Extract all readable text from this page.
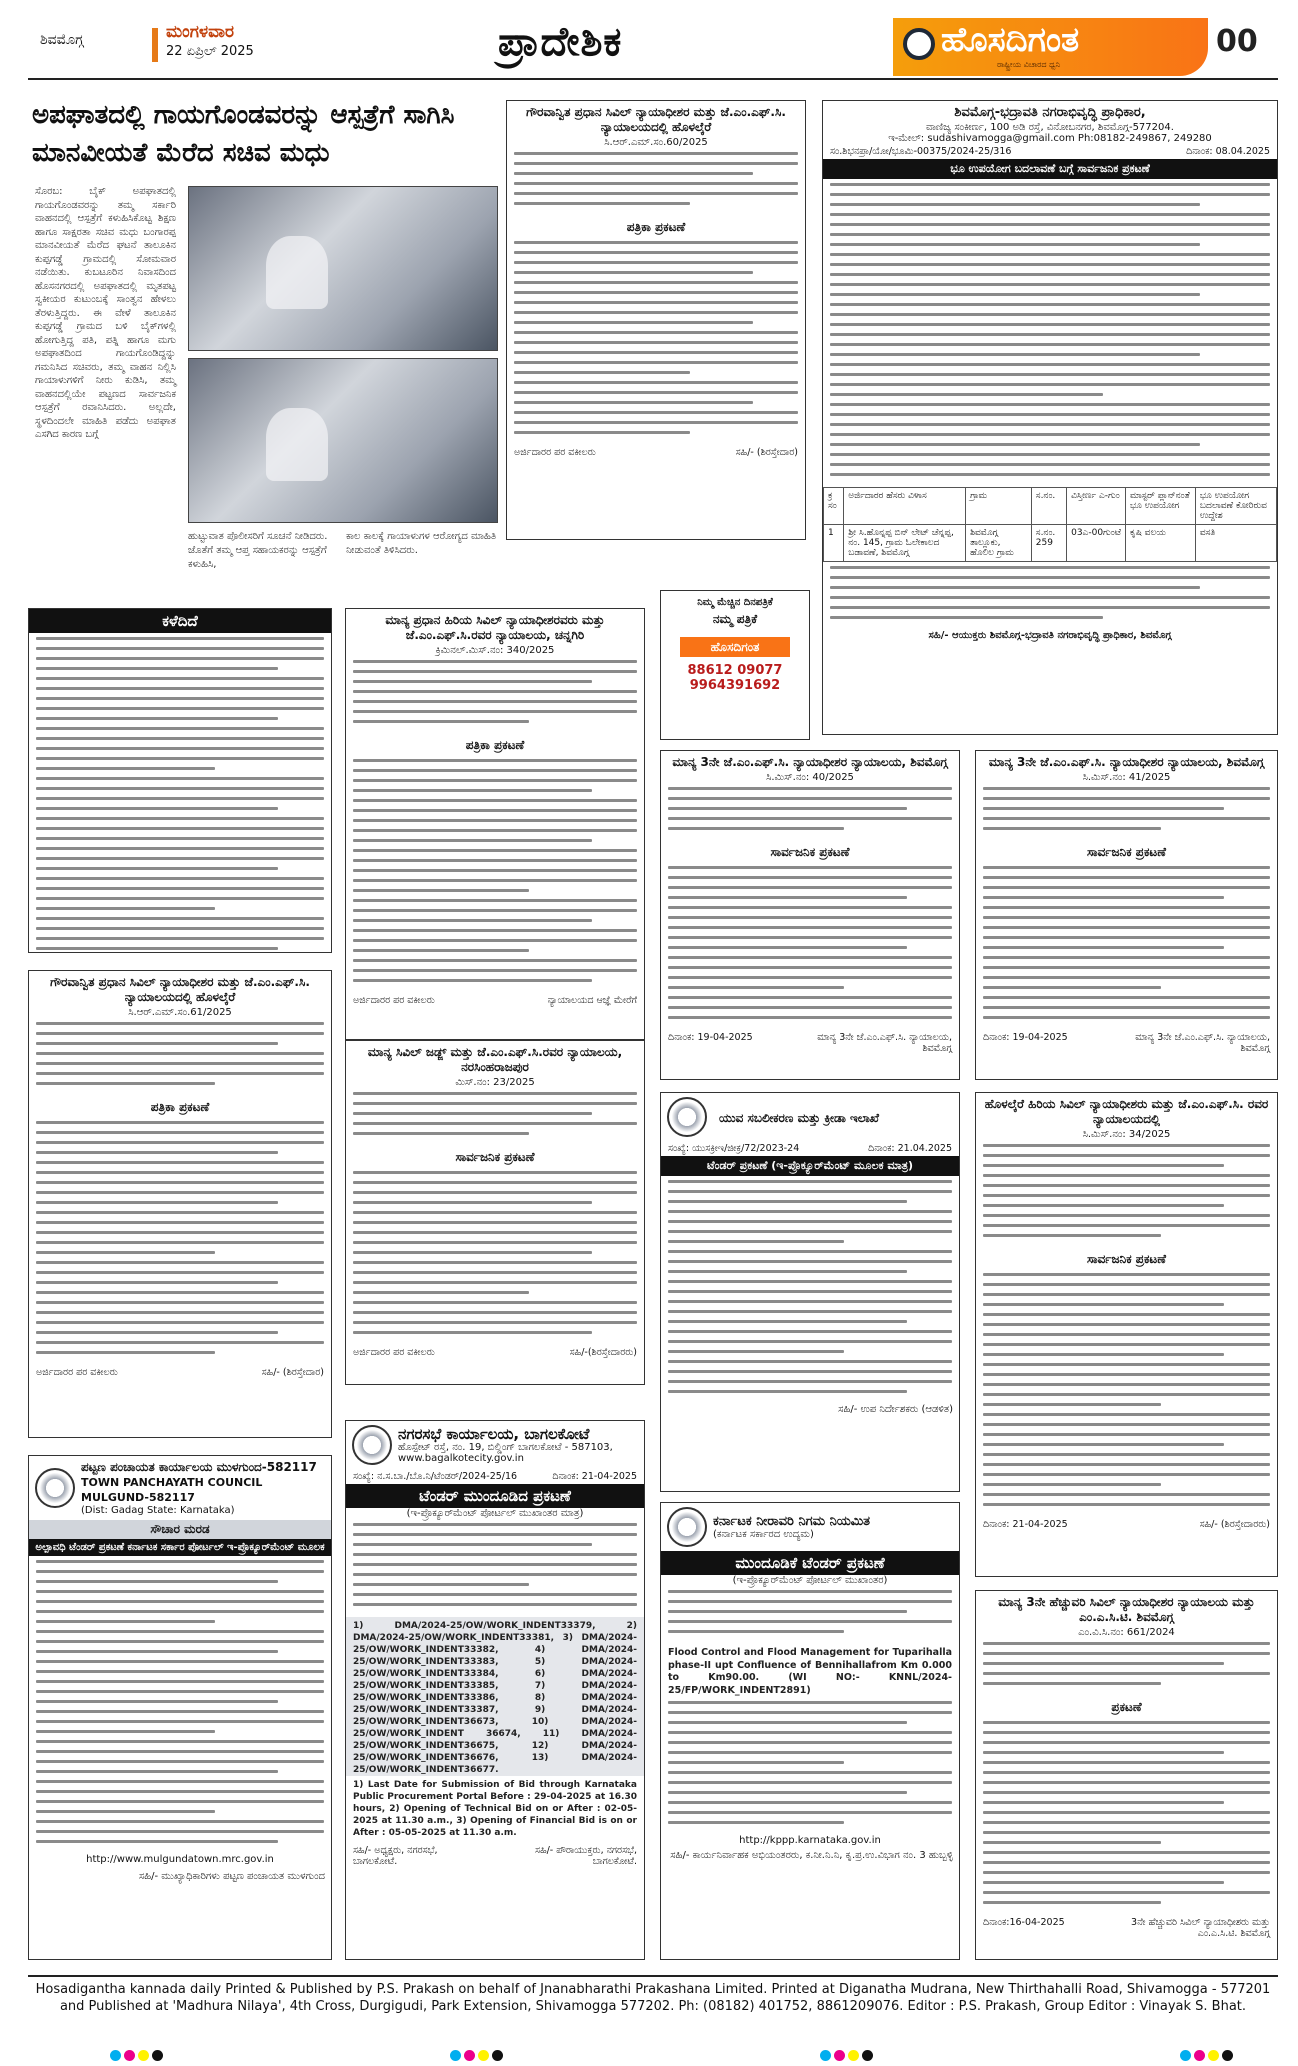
ಶಿವಮೊಗ್ಗ	ಮಂಗಳವಾರ
22 ಏಪ್ರಿಲ್ 2025	ಪ್ರಾದೇಶಿಕ	ಹೊಸದಿಗಂತ
ರಾಷ್ಟ್ರೀಯ ವಿಚಾರದ ಧ್ವನಿ
00
ಅಪಘಾತದಲ್ಲಿ ಗಾಯಗೊಂಡವರನ್ನು ಆಸ್ಪತ್ರೆಗೆ ಸಾಗಿಸಿ ಮಾನವೀಯತೆ ಮೆರೆದ ಸಚಿವ ಮಧು
ಸೊರಬ: ಬೈಕ್ ಅಪಘಾತದಲ್ಲಿ ಗಾಯಗೊಂಡವರನ್ನು ತಮ್ಮ ಸರ್ಕಾರಿ ವಾಹನದಲ್ಲಿ ಆಸ್ಪತ್ರೆಗೆ ಕಳುಹಿಸಿಕೊಟ್ಟ ಶಿಕ್ಷಣ ಹಾಗೂ ಸಾಕ್ಷರತಾ ಸಚಿವ ಮಧು ಬಂಗಾರಪ್ಪ ಮಾನವೀಯತೆ ಮೆರೆದ ಘಟನೆ ತಾಲೂಕಿನ ಕುಪ್ಪಗಡ್ಡೆ ಗ್ರಾಮದಲ್ಲಿ ಸೋಮವಾರ ನಡೆಯಿತು. ಕುಬಟೂರಿನ ನಿವಾಸದಿಂದ ಹೊಸನಗರದಲ್ಲಿ ಅಪಘಾತದಲ್ಲಿ ಮೃತಪಟ್ಟ ಸ್ವಕೀಯರ ಕುಟುಂಬಕ್ಕೆ ಸಾಂತ್ವನ ಹೇಳಲು ತೆರಳುತ್ತಿದ್ದರು. ಈ ವೇಳೆ ತಾಲೂಕಿನ ಕುಪ್ಪಗಡ್ಡೆ ಗ್ರಾಮದ ಬಳಿ ಬೈಕ್‌ಗಳಲ್ಲಿ ಹೋಗುತ್ತಿದ್ದ ಪತಿ, ಪತ್ನಿ ಹಾಗೂ ಮಗು ಅಪಘಾತದಿಂದ ಗಾಯಗೊಂಡಿದ್ದನ್ನು ಗಮನಿಸಿದ ಸಚಿವರು, ತಮ್ಮ ವಾಹನ ನಿಲ್ಲಿಸಿ ಗಾಯಾಳುಗಳಿಗೆ ನೀರು ಕುಡಿಸಿ, ತಮ್ಮ ವಾಹನದಲ್ಲಿಯೇ ಪಟ್ಟಣದ ಸಾರ್ವಜನಿಕ ಆಸ್ಪತ್ರೆಗೆ ರವಾನಿಸಿದರು. ಅಲ್ಲದೇ, ಸ್ಥಳದಿಂದಲೇ ಮಾಹಿತಿ ಪಡೆದು ಅಪಘಾತ ಎಸಗಿದ ಕಾರಣ ಬಗ್ಗೆ
ಹುಟ್ಟುವಾತ ಪೊಲೀಸರಿಗೆ ಸೂಚನೆ ನೀಡಿದರು. ಜೊತೆಗೆ ತಮ್ಮ ಆಪ್ತ ಸಹಾಯಕರನ್ನು ಆಸ್ಪತ್ರೆಗೆ ಕಳುಹಿಸಿ,
ಕಾಲ ಕಾಲಕ್ಕೆ ಗಾಯಾಳುಗಳ ಆರೋಗ್ಯದ ಮಾಹಿತಿ ನೀಡುವಂತೆ ತಿಳಿಸಿದರು.
ಗೌರವಾನ್ವಿತ ಪ್ರಧಾನ ಸಿವಿಲ್ ನ್ಯಾಯಾಧೀಶರ ಮತ್ತು ಜೆ.ಎಂ.ಎಫ್.ಸಿ. ನ್ಯಾಯಾಲಯದಲ್ಲಿ ಹೊಳಲ್ಕೆರೆ
ಸಿ.ಆರ್.ಎಮ್.ಸಂ.60/2025
ಪತ್ರಿಕಾ ಪ್ರಕಟಣೆ
ಅರ್ಜಿದಾರರ ಪರ ವಕೀಲರು	ಸಹಿ/- (ಶಿರಸ್ತೇದಾರ)
ಶಿವಮೊಗ್ಗ-ಭದ್ರಾವತಿ ನಗರಾಭಿವೃದ್ಧಿ ಪ್ರಾಧಿಕಾರ,
ವಾಣಿಜ್ಯ ಸಂಕೀರ್ಣ, 100 ಅಡಿ ರಸ್ತೆ, ವಿನೋಬನಗರ, ಶಿವಮೊಗ್ಗ-577204.
ಇ-ಮೇಲ್: sudashivamogga@gmail.com Ph:08182-249867, 249280
ಸಂ.ಶಿಭನಪ್ರಾ/ಯೋ/ಭೂಮಿ-00375/2024-25/316	ದಿನಾಂಕ: 08.04.2025
ಭೂ ಉಪಯೋಗ ಬದಲಾವಣೆ ಬಗ್ಗೆ ಸಾರ್ವಜನಿಕ ಪ್ರಕಟಣೆ
ಕ್ರ ಸಂ	ಅರ್ಜಿದಾರರ ಹೆಸರು ವಿಳಾಸ	ಗ್ರಾಮ	ಸ.ನಂ.	ವಿಸ್ತೀರ್ಣ ಎ-ಗುಂ	ಮಾಸ್ಟರ್ ಪ್ಲಾನ್‌ನಂತೆ ಭೂ ಉಪಯೋಗ	ಭೂ ಉಪಯೋಗ ಬದಲಾವಣೆ ಕೋರಿರುವ ಉದ್ದೇಶ
1	ಶ್ರೀ ಸಿ.ಹೊನ್ನಪ್ಪ ಬಿನ್ ಲೇಟ್ ಚೆನ್ನಪ್ಪ, ನಂ. 145, ಗ್ರಾಮ ಓಲೇಕಾಲದ ಬಡಾವಣೆ, ಶಿವಮೊಗ್ಗ	ಶಿವಮೊಗ್ಗ ತಾಲ್ಲೂಕು, ಹೊಲಿಲ ಗ್ರಾಮ	ಸ.ನಂ. 259	03ಎ-00ಗುಂಟೆ	ಕೃಷಿ ವಲಯ	ವಸತಿ
ಸಹಿ/- ಆಯುಕ್ತರು ಶಿವಮೊಗ್ಗ-ಭದ್ರಾವತಿ ನಗರಾಭಿವೃದ್ಧಿ ಪ್ರಾಧಿಕಾರ, ಶಿವಮೊಗ್ಗ
ಕಳೆದಿದೆ	ಮಾನ್ಯ ಪ್ರಧಾನ ಹಿರಿಯ ಸಿವಿಲ್ ನ್ಯಾಯಾಧೀಶರವರು ಮತ್ತು ಜೆ.ಎಂ.ಎಫ್.ಸಿ.ರವರ ನ್ಯಾಯಾಲಯ, ಚನ್ನಗಿರಿ
ಕ್ರಿಮಿನಲ್.ಮಿಸ್.ನಂ: 340/2025
ಪತ್ರಿಕಾ ಪ್ರಕಟಣೆ
ಅರ್ಜಿದಾರರ ಪರ ವಕೀಲರು	ನ್ಯಾಯಾಲಯದ ಆಜ್ಞೆ ಮೇರೆಗೆ
ನಿಮ್ಮ ಮೆಚ್ಚಿನ ದಿನಪತ್ರಿಕೆ
ನಮ್ಮ ಪತ್ರಿಕೆ
ಹೊಸದಿಗಂತ
88612 09077
9964391692
ಮಾನ್ಯ 3ನೇ ಜೆ.ಎಂ.ಎಫ್.ಸಿ. ನ್ಯಾಯಾಧೀಶರ ನ್ಯಾಯಾಲಯ, ಶಿವಮೊಗ್ಗ
ಸಿ.ಮಿಸ್.ನಂ: 40/2025
ಸಾರ್ವಜನಿಕ ಪ್ರಕಟಣೆ
ದಿನಾಂಕ: 19-04-2025	ಮಾನ್ಯ 3ನೇ ಜೆ.ಎಂ.ಎಫ್.ಸಿ. ನ್ಯಾಯಾಲಯ, ಶಿವಮೊಗ್ಗ
ಮಾನ್ಯ 3ನೇ ಜೆ.ಎಂ.ಎಫ್.ಸಿ. ನ್ಯಾಯಾಧೀಶರ ನ್ಯಾಯಾಲಯ, ಶಿವಮೊಗ್ಗ
ಸಿ.ಮಿಸ್.ನಂ: 41/2025
ಸಾರ್ವಜನಿಕ ಪ್ರಕಟಣೆ
ದಿನಾಂಕ: 19-04-2025	ಮಾನ್ಯ 3ನೇ ಜೆ.ಎಂ.ಎಫ್.ಸಿ. ನ್ಯಾಯಾಲಯ, ಶಿವಮೊಗ್ಗ
ಗೌರವಾನ್ವಿತ ಪ್ರಧಾನ ಸಿವಿಲ್ ನ್ಯಾಯಾಧೀಶರ ಮತ್ತು ಜೆ.ಎಂ.ಎಫ್.ಸಿ. ನ್ಯಾಯಾಲಯದಲ್ಲಿ ಹೊಳಲ್ಕೆರೆ
ಸಿ.ಆರ್.ಎಮ್.ಸಂ.61/2025
ಪತ್ರಿಕಾ ಪ್ರಕಟಣೆ
ಅರ್ಜಿದಾರರ ಪರ ವಕೀಲರು	ಸಹಿ/- (ಶಿರಸ್ತೇದಾರ)
ಮಾನ್ಯ ಸಿವಿಲ್ ಜಡ್ಜ್ ಮತ್ತು ಜೆ.ಎಂ.ಎಫ್.ಸಿ.ರವರ ನ್ಯಾಯಾಲಯ, ನರಸಿಂಹರಾಜಪುರ
ಮಿಸ್.ನಂ: 23/2025
ಸಾರ್ವಜನಿಕ ಪ್ರಕಟಣೆ
ಅರ್ಜಿದಾರರ ಪರ ವಕೀಲರು	ಸಹಿ/-(ಶಿರಸ್ತೇದಾರರು)
ಯುವ ಸಬಲೀಕರಣ ಮತ್ತು ಕ್ರೀಡಾ ಇಲಾಖೆ
ಸಂಖ್ಯೆ: ಯುಸಕ್ರೀಇ/ಜೀಕ್ರ/72/2023-24	ದಿನಾಂಕ: 21.04.2025
ಟೆಂಡರ್ ಪ್ರಕಟಣೆ (ಇ-ಪ್ರೊಕ್ಯೂರ್‌ಮೆಂಟ್ ಮೂಲಕ ಮಾತ್ರ)
ಸಹಿ/- ಉಪ ನಿರ್ದೇಶಕರು (ಆಡಳಿತ)
ಹೊಳಲ್ಕೆರೆ ಹಿರಿಯ ಸಿವಿಲ್ ನ್ಯಾಯಾಧೀಶರು ಮತ್ತು ಜೆ.ಎಂ.ಎಫ್.ಸಿ. ರವರ ನ್ಯಾಯಾಲಯದಲ್ಲಿ
ಸಿ.ಮಿಸ್.ನಂ: 34/2025
ಸಾರ್ವಜನಿಕ ಪ್ರಕಟಣೆ
ದಿನಾಂಕ: 21-04-2025	ಸಹಿ/- (ಶಿರಸ್ತೇದಾರರು)
ಪಟ್ಟಣ ಪಂಚಾಯತ ಕಾರ್ಯಾಲಯ ಮುಳಗುಂದ-582117
TOWN PANCHAYATH COUNCIL MULGUND-582117
(Dist: Gadag State: Karnataka)
ಸೌಚಾರ ಮರಡ
ಅಲ್ಪಾವಧಿ ಟೆಂಡರ್ ಪ್ರಕಟಣೆ ಕರ್ನಾಟಕ ಸರ್ಕಾರ ಪೋರ್ಟಲ್ ಇ-ಪ್ರೊಕ್ಯೂರ್‌ಮೆಂಟ್ ಮೂಲಕ
http://www.mulgundatown.mrc.gov.in
ಸಹಿ/- ಮುಖ್ಯಾಧಿಕಾರಿಗಳು ಪಟ್ಟಣ ಪಂಚಾಯತ ಮುಳಗುಂದ
ನಗರಸಭೆ ಕಾರ್ಯಾಲಯ, ಬಾಗಲಕೋಟೆ
ಹೊಸ್ಪೇಟ್ ರಸ್ತೆ, ನಂ. 19, ಬಿಲ್ಡಿಂಗ್ ಬಾಗಲಕೋಟೆ - 587103,
www.bagalkotecity.gov.in
ಸಂಖ್ಯೆ: ನ.ಸ.ಬಾ./ಬೊ.ನಿ/ಟೆಂಡರ್/2024-25/16	ದಿನಾಂಕ: 21-04-2025
ಟೆಂಡರ್ ಮುಂದೂಡಿದ ಪ್ರಕಟಣೆ
(ಇ-ಪ್ರೊಕ್ಯೂರ್‌ಮೆಂಟ್ ಪೋರ್ಟಲ್ ಮುಖಾಂತರ ಮಾತ್ರ)
1) DMA/2024-25/OW/WORK_INDENT33379, 2) DMA/2024-25/OW/WORK_INDENT33381, 3) DMA/2024-25/OW/WORK_INDENT33382, 4) DMA/2024-25/OW/WORK_INDENT33383, 5) DMA/2024-25/OW/WORK_INDENT33384, 6) DMA/2024-25/OW/WORK_INDENT33385, 7) DMA/2024-25/OW/WORK_INDENT33386, 8) DMA/2024-25/OW/WORK_INDENT33387, 9) DMA/2024-25/OW/WORK_INDENT36673, 10) DMA/2024-25/OW/WORK_INDENT 36674, 11) DMA/2024-25/OW/WORK_INDENT36675, 12) DMA/2024-25/OW/WORK_INDENT36676, 13) DMA/2024-25/OW/WORK_INDENT36677.
1) Last Date for Submission of Bid through Karnataka Public Procurement Portal Before : 29-04-2025 at 16.30 hours, 2) Opening of Technical Bid on or After : 02-05-2025 at 11.30 a.m., 3) Opening of Financial Bid is on or After : 05-05-2025 at 11.30 a.m.
ಸಹಿ/- ಅಧ್ಯಕ್ಷರು, ನಗರಸಭೆ, ಬಾಗಲಕೋಟೆ.
ಸಹಿ/- ಪೌರಾಯುಕ್ತರು, ನಗರಸಭೆ, ಬಾಗಲಕೋಟೆ.
ಕರ್ನಾಟಕ ನೀರಾವರಿ ನಿಗಮ ನಿಯಮಿತ
(ಕರ್ನಾಟಕ ಸರ್ಕಾರದ ಉದ್ಯಮ)
ಮುಂದೂಡಿಕೆ ಟೆಂಡರ್ ಪ್ರಕಟಣೆ
(ಇ-ಪ್ರೊಕ್ಯೂರ್‌ಮೆಂಟ್ ಪೋರ್ಟಲ್ ಮುಖಾಂತರ)
Flood Control and Flood Management for Tuparihalla phase-II upt Confluence of Bennihallafrom Km 0.000 to Km90.00. (WI NO:- KNNL/2024-25/FP/WORK_INDENT2891)
http://kppp.karnataka.gov.in
ಸಹಿ/- ಕಾರ್ಯನಿರ್ವಾಹಕ ಅಭಿಯಂತರರು, ಕ.ನೀ.ನಿ.ನಿ, ಕೃ.ಪ್ರ.ಉ.ವಿಭಾಗ ನಂ. 3 ಹುಬ್ಬಳ್ಳಿ
ಮಾನ್ಯ 3ನೇ ಹೆಚ್ಚುವರಿ ಸಿವಿಲ್ ನ್ಯಾಯಾಧೀಶರ ನ್ಯಾಯಾಲಯ ಮತ್ತು ಎಂ.ಎ.ಸಿ.ಟಿ. ಶಿವಮೊಗ್ಗ
ಎಂ.ವಿ.ಸಿ.ನಂ: 661/2024
ಪ್ರಕಟಣೆ
ದಿನಾಂಕ:16-04-2025	3ನೇ ಹೆಚ್ಚುವರಿ ಸಿವಿಲ್ ನ್ಯಾಯಾಧೀಶರು ಮತ್ತು ಎಂ.ಎ.ಸಿ.ಟಿ. ಶಿವಮೊಗ್ಗ
Hosadigantha kannada daily Printed & Published by P.S. Prakash on behalf of Jnanabharathi Prakashana Limited. Printed at Diganatha Mudrana, New Thirthahalli Road, Shivamogga - 577201
and Published at 'Madhura Nilaya', 4th Cross, Durgigudi, Park Extension, Shivamogga 577202. Ph: (08182) 401752, 8861209076. Editor : P.S. Prakash, Group Editor : Vinayak S. Bhat.
